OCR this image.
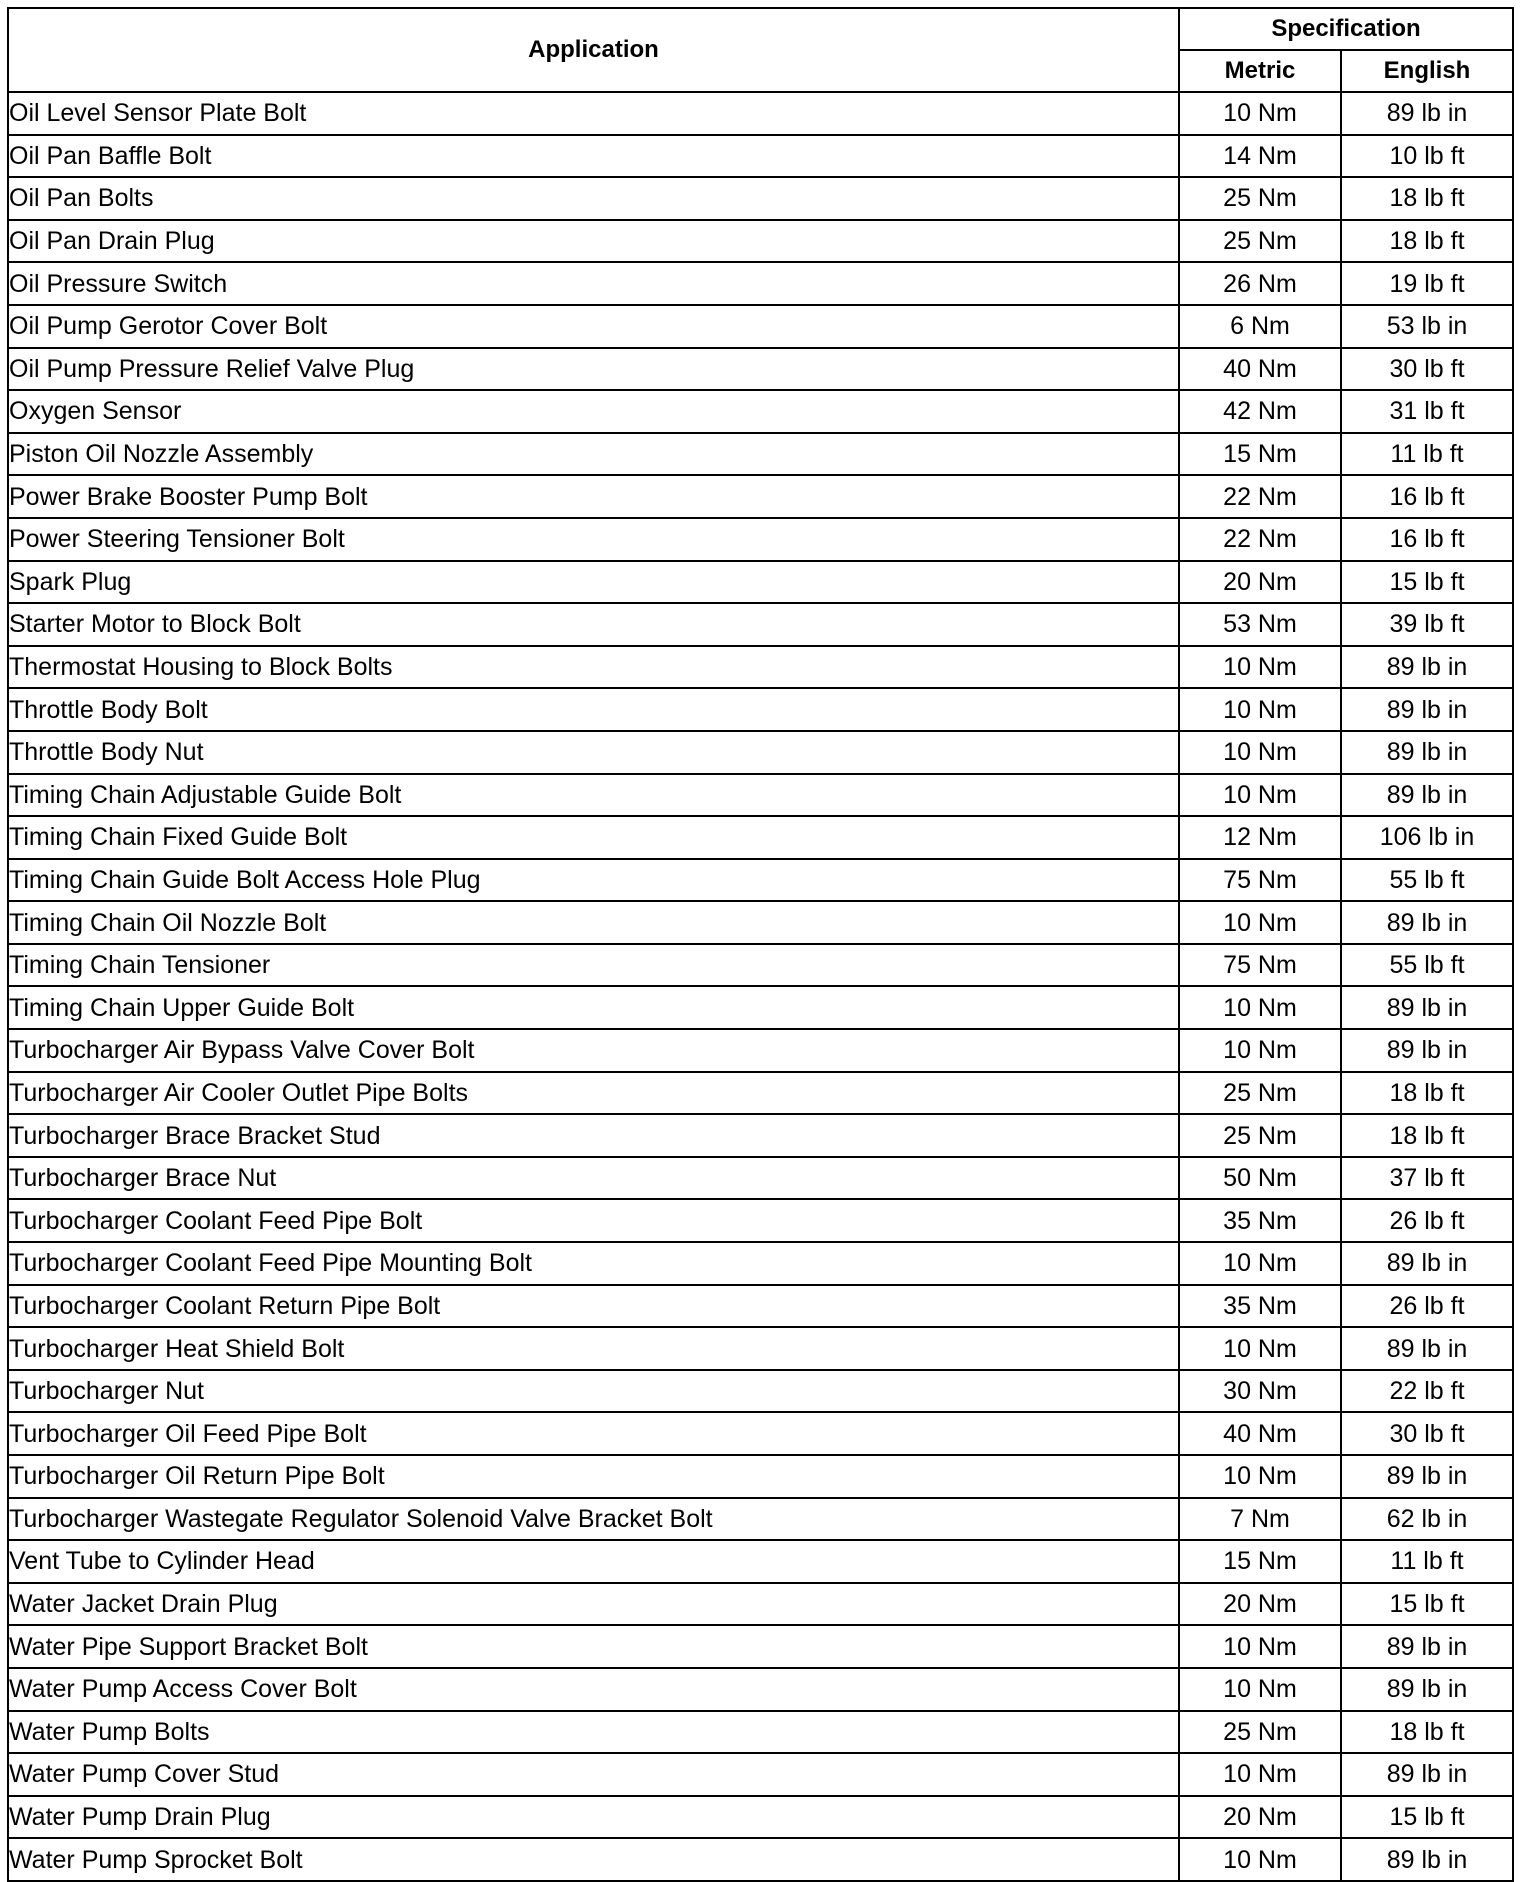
Application	Specification	
	Metric	English
Oil Level Sensor Plate Bolt	10 Nm	89 lb in
Oil Pan Baffle Bolt	14 Nm	10 lb ft
Oil Pan Bolts	25 Nm	18 lb ft
Oil Pan Drain Plug	25 Nm	18 lb ft
Oil Pressure Switch	26 Nm	19 lb ft
Oil Pump Gerotor Cover Bolt	6 Nm	53 lb in
Oil Pump Pressure Relief Valve Plug	40 Nm	30 lb ft
Oxygen Sensor	42 Nm	31 lb ft
Piston Oil Nozzle Assembly	15 Nm	11 lb ft
Power Brake Booster Pump Bolt	22 Nm	16 lb ft
Power Steering Tensioner Bolt	22 Nm	16 lb ft
Spark Plug	20 Nm	15 lb ft
Starter Motor to Block Bolt	53 Nm	39 lb ft
Thermostat Housing to Block Bolts	10 Nm	89 lb in
Throttle Body Bolt	10 Nm	89 lb in
Throttle Body Nut	10 Nm	89 lb in
Timing Chain Adjustable Guide Bolt	10 Nm	89 lb in
Timing Chain Fixed Guide Bolt	12 Nm	106 lb in
Timing Chain Guide Bolt Access Hole Plug	75 Nm	55 lb ft
Timing Chain Oil Nozzle Bolt	10 Nm	89 lb in
Timing Chain Tensioner	75 Nm	55 lb ft
Timing Chain Upper Guide Bolt	10 Nm	89 lb in
Turbocharger Air Bypass Valve Cover Bolt	10 Nm	89 lb in
Turbocharger Air Cooler Outlet Pipe Bolts	25 Nm	18 lb ft
Turbocharger Brace Bracket Stud	25 Nm	18 lb ft
Turbocharger Brace Nut	50 Nm	37 lb ft
Turbocharger Coolant Feed Pipe Bolt	35 Nm	26 lb ft
Turbocharger Coolant Feed Pipe Mounting Bolt	10 Nm	89 lb in
Turbocharger Coolant Return Pipe Bolt	35 Nm	26 lb ft
Turbocharger Heat Shield Bolt	10 Nm	89 lb in
Turbocharger Nut	30 Nm	22 lb ft
Turbocharger Oil Feed Pipe Bolt	40 Nm	30 lb ft
Turbocharger Oil Return Pipe Bolt	10 Nm	89 lb in
Turbocharger Wastegate Regulator Solenoid Valve Bracket Bolt	7 Nm	62 lb in
Vent Tube to Cylinder Head	15 Nm	11 lb ft
Water Jacket Drain Plug	20 Nm	15 lb ft
Water Pipe Support Bracket Bolt	10 Nm	89 lb in
Water Pump Access Cover Bolt	10 Nm	89 lb in
Water Pump Bolts	25 Nm	18 lb ft
Water Pump Cover Stud	10 Nm	89 lb in
Water Pump Drain Plug	20 Nm	15 lb ft
Water Pump Sprocket Bolt	10 Nm	89 lb in
